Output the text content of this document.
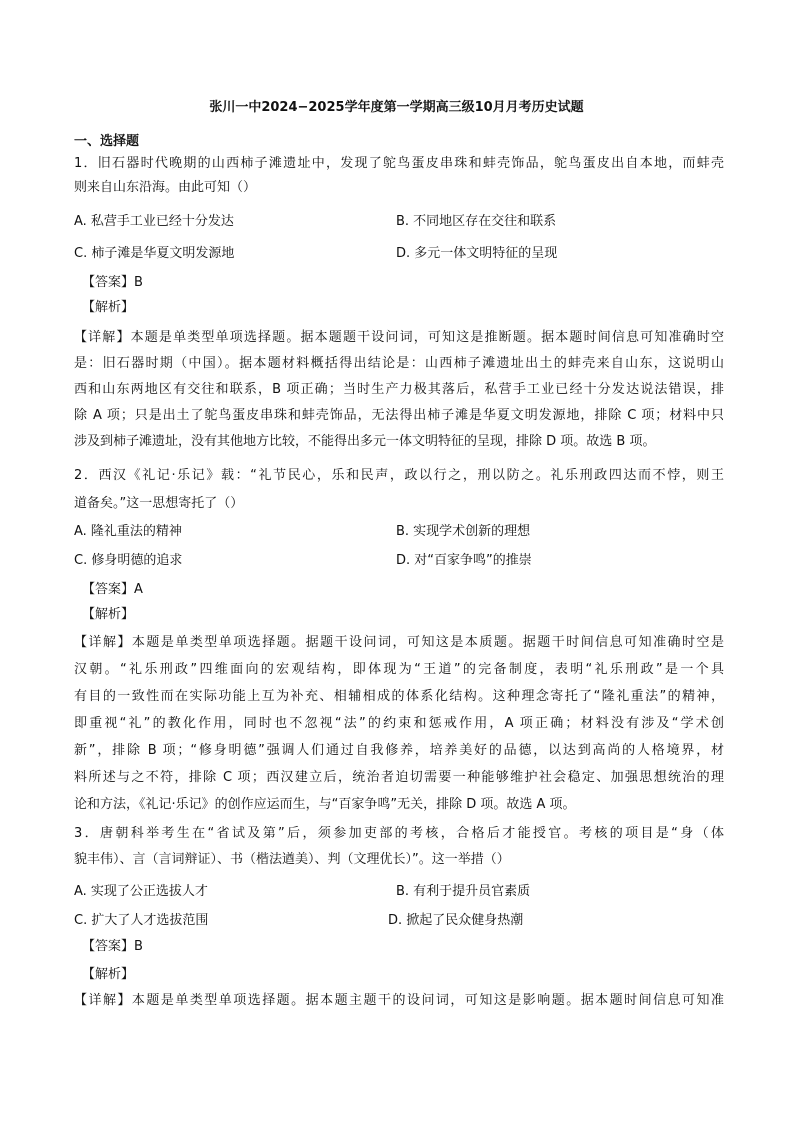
张川一中2024−2025学年度第一学期高三级10月月考历史试题
一、选择题
1．旧石器时代晚期的山西柿子滩遗址中，发现了鸵鸟蛋皮串珠和蚌壳饰品，鸵鸟蛋皮出自本地，而蚌壳
则来自山东沿海。由此可知（）
A. 私营手工业已经十分发达	B. 不同地区存在交往和联系
C. 柿子滩是华夏文明发源地	D. 多元一体文明特征的呈现
【答案】B
【解析】
【详解】本题是单类型单项选择题。据本题题干设问词，可知这是推断题。据本题时间信息可知准确时空
是：旧石器时期（中国）。据本题材料概括得出结论是：山西柿子滩遗址出土的蚌壳来自山东，这说明山
西和山东两地区有交往和联系，B 项正确；当时生产力极其落后，私营手工业已经十分发达说法错误，排
除 A 项；只是出土了鸵鸟蛋皮串珠和蚌壳饰品，无法得出柿子滩是华夏文明发源地，排除 C 项；材料中只
涉及到柿子滩遗址，没有其他地方比较，不能得出多元一体文明特征的呈现，排除 D 项。故选 B 项。
2．西汉《礼记·乐记》载：“礼节民心，乐和民声，政以行之，刑以防之。礼乐刑政四达而不悖，则王
道备矣。”这一思想寄托了（）
A. 隆礼重法的精神	B. 实现学术创新的理想
C. 修身明德的追求	D. 对“百家争鸣”的推崇
【答案】A
【解析】
【详解】本题是单类型单项选择题。据题干设问词，可知这是本质题。据题干时间信息可知准确时空是
汉朝。“礼乐刑政”四维面向的宏观结构，即体现为“王道”的完备制度，表明“礼乐刑政”是一个具
有目的一致性而在实际功能上互为补充、相辅相成的体系化结构。这种理念寄托了“隆礼重法”的精神，
即重视“礼”的教化作用，同时也不忽视“法”的约束和惩戒作用，A 项正确；材料没有涉及“学术创
新”，排除 B 项；“修身明德”强调人们通过自我修养，培养美好的品德，以达到高尚的人格境界，材
料所述与之不符，排除 C 项；西汉建立后，统治者迫切需要一种能够维护社会稳定、加强思想统治的理
论和方法，《礼记·乐记》的创作应运而生，与“百家争鸣”无关，排除 D 项。故选 A 项。
3．唐朝科举考生在“省试及第”后，须参加吏部的考核，合格后才能授官。考核的项目是“身（体
貌丰伟）、言（言词辩证）、书（楷法遒美）、判（文理优长）”。这一举措（）
A. 实现了公正选拔人才	B. 有利于提升员官素质
C. 扩大了人才选拔范围	D. 掀起了民众健身热潮
【答案】B
【解析】
【详解】本题是单类型单项选择题。据本题主题干的设问词，可知这是影响题。据本题时间信息可知准
